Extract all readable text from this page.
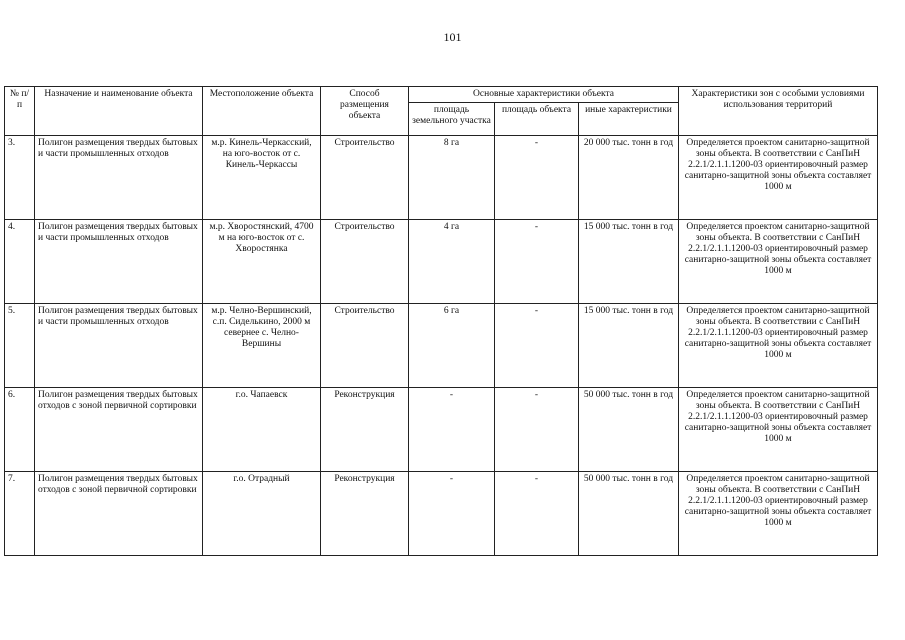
101
№ п/п	Назначение и наименование объекта	Местоположение объекта	Способ размещения объекта	Основные характеристики объекта			Характеристики зон с особыми условиями использования территорий
				площадь земельного участка	площадь объекта	иные характеристики	
3.	Полигон размещения твердых бытовых и части промышленных отходов	м.р. Кинель-Черкасский, на юго-восток от с. Кинель-Черкассы	Строительство	8 га	-	20 000 тыс. тонн в год	Определяется проектом санитарно-защитной зоны объекта. В соответствии с СанПиН 2.2.1/2.1.1.1200-03 ориентировочный размер санитарно-защитной зоны объекта составляет 1000 м
4.	Полигон размещения твердых бытовых и части промышленных отходов	м.р. Хворостянский, 4700 м на юго-восток от с. Хворостянка	Строительство	4 га	-	15 000 тыс. тонн в год	Определяется проектом санитарно-защитной зоны объекта. В соответствии с СанПиН 2.2.1/2.1.1.1200-03 ориентировочный размер санитарно-защитной зоны объекта составляет 1000 м
5.	Полигон размещения твердых бытовых и части промышленных отходов	м.р. Челно-Вершинский, с.п. Сиделькино, 2000 м севернее с. Челно-Вершины	Строительство	6 га	-	15 000 тыс. тонн в год	Определяется проектом санитарно-защитной зоны объекта. В соответствии с СанПиН 2.2.1/2.1.1.1200-03 ориентировочный размер санитарно-защитной зоны объекта составляет 1000 м
6.	Полигон размещения твердых бытовых отходов с зоной первичной сортировки	г.о. Чапаевск	Реконструкция	-	-	50 000 тыс. тонн в год	Определяется проектом санитарно-защитной зоны объекта. В соответствии с СанПиН 2.2.1/2.1.1.1200-03 ориентировочный размер санитарно-защитной зоны объекта составляет 1000 м
7.	Полигон размещения твердых бытовых отходов с зоной первичной сортировки	г.о. Отрадный	Реконструкция	-	-	50 000 тыс. тонн в год	Определяется проектом санитарно-защитной зоны объекта. В соответствии с СанПиН 2.2.1/2.1.1.1200-03 ориентировочный размер санитарно-защитной зоны объекта составляет 1000 м
